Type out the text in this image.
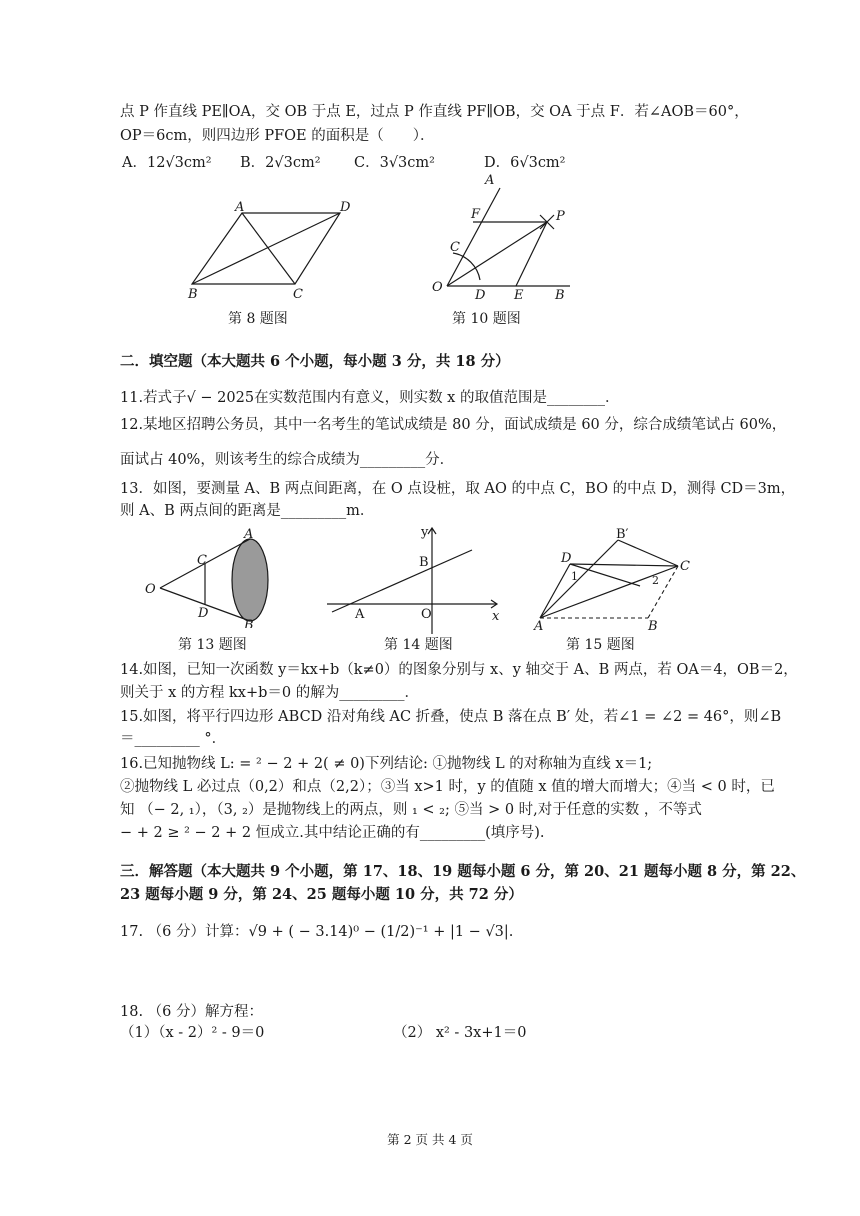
点 P 作直线 PE∥OA，交 OB 于点 E，过点 P 作直线 PF∥OB，交 OA 于点 F．若∠AOB＝60°，
OP＝6cm，则四边形 PFOE 的面积是（　　）．
A．12√3cm² B．2√3cm² C．3√3cm²	D．6√3cm²
A	D
B	C
第 8 题图
A
F	P
C
O
D E B
第 10 题图
二．填空题（本大题共 6 个小题，每小题 3 分，共 18 分）
11.若式子√ − 2025在实数范围内有意义，则实数 x 的取值范围是________．
12.某地区招聘公务员，其中一名考生的笔试成绩是 80 分，面试成绩是 60 分，综合成绩笔试占 60%，
面试占 40%，则该考生的综合成绩为_________分．
13．如图，要测量 A、B 两点间距离，在 O 点设桩，取 AO 的中点 C，BO 的中点 D，测得 CD＝3m，
则 A、B 两点间的距离是_________m．
A
B
C
D
O
第 13 题图
y
x
B
A	O
第 14 题图
B′
D
C
A	B
1	2
第 15 题图
14.如图，已知一次函数 y＝kx+b（k≠0）的图象分别与 x、y 轴交于 A、B 两点，若 OA＝4，OB＝2，
则关于 x 的方程 kx+b＝0 的解为_________．
15.如图，将平行四边形 ABCD 沿对角线 AC 折叠，使点 B 落在点 B′ 处，若∠1 = ∠2 = 46°，则∠B
＝_________ °．
16.已知抛物线 L: = ² − 2 + 2( ≠ 0)下列结论: ①抛物线 L 的对称轴为直线 x＝1;
②抛物线 L 必过点（0,2）和点（2,2）；③当 x>1 时，y 的值随 x 值的增大而增大；④当 < 0 时，已
知 （− 2, ₁），（3, ₂）是抛物线上的两点，则 ₁ < ₂; ⑤当 > 0 时,对于任意的实数 ，不等式
− + 2 ≥ ² − 2 + 2 恒成立.其中结论正确的有_________(填序号).
三．解答题（本大题共 9 个小题，第 17、18、19 题每小题 6 分，第 20、21 题每小题 8 分，第 22、
23 题每小题 9 分，第 24、25 题每小题 10 分，共 72 分）
17. （6 分）计算：√9 + ( − 3.14)⁰ − (1/2)⁻¹ + |1 − √3|.
18. （6 分）解方程：
（1）（x - 2）² - 9＝0	（2） x² - 3x+1＝0
第 2 页 共 4 页
